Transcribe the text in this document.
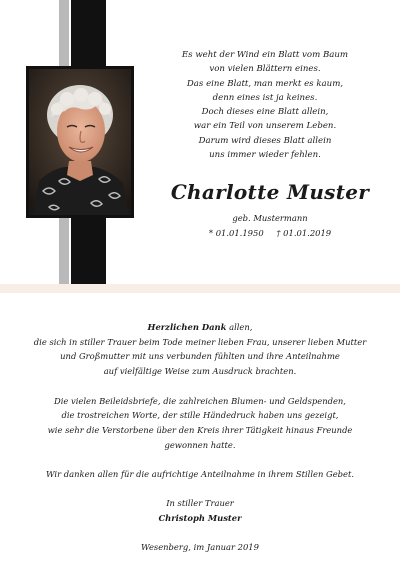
Es weht der Wind ein Blatt vom Baum
von vielen Blättern eines.
Das eine Blatt, man merkt es kaum,
denn eines ist ja keines.
Doch dieses eine Blatt allein,
war ein Teil von unserem Leben.
Darum wird dieses Blatt allein
uns immer wieder fehlen.
Charlotte Muster
geb. Mustermann
* 01.01.1950 † 01.01.2019
Herzlichen Dank allen,
die sich in stiller Trauer beim Tode meiner lieben Frau, unserer lieben Mutter
und Großmutter mit uns verbunden fühlten und ihre Anteilnahme
auf vielfältige Weise zum Ausdruck brachten.
Die vielen Beileidsbriefe, die zahlreichen Blumen- und Geldspenden,
die trostreichen Worte, der stille Händedruck haben uns gezeigt,
wie sehr die Verstorbene über den Kreis ihrer Tätigkeit hinaus Freunde
gewonnen hatte.
Wir danken allen für die aufrichtige Anteilnahme in ihrem Stillen Gebet.
In stiller Trauer
Christoph Muster
Wesenberg, im Januar 2019
